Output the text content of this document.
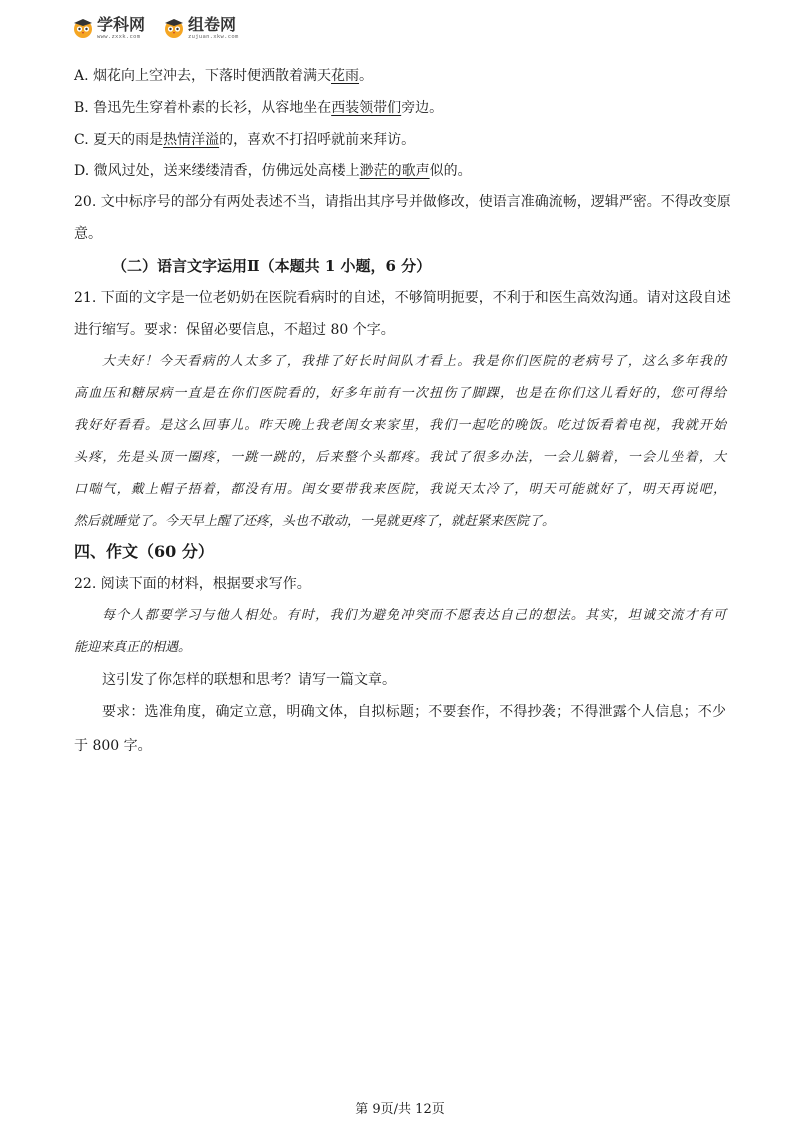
学科网
www.zxxk.com
组卷网
zujuan.xkw.com
A. 烟花向上空冲去，下落时便洒散着满天花雨。
B. 鲁迅先生穿着朴素的长衫，从容地坐在西装领带们旁边。
C. 夏天的雨是热情洋溢的，喜欢不打招呼就前来拜访。
D. 微风过处，送来缕缕清香，仿佛远处高楼上渺茫的歌声似的。
20. 文中标序号的部分有两处表述不当，请指出其序号并做修改，使语言准确流畅，逻辑严密。不得改变原
意。
（二）语言文字运用Ⅱ（本题共 1 小题，6 分）
21. 下面的文字是一位老奶奶在医院看病时的自述，不够简明扼要，不利于和医生高效沟通。请对这段自述
进行缩写。要求：保留必要信息，不超过 80 个字。
大夫好！今天看病的人太多了，我排了好长时间队才看上。我是你们医院的老病号了，这么多年我的
高血压和糖尿病一直是在你们医院看的，好多年前有一次扭伤了脚踝，也是在你们这儿看好的，您可得给
我好好看看。是这么回事儿。昨天晚上我老闺女来家里，我们一起吃的晚饭。吃过饭看着电视，我就开始
头疼，先是头顶一圈疼，一跳一跳的，后来整个头都疼。我试了很多办法，一会儿躺着，一会儿坐着，大
口喘气，戴上帽子捂着，都没有用。闺女要带我来医院，我说天太冷了，明天可能就好了，明天再说吧，
然后就睡觉了。今天早上醒了还疼，头也不敢动，一晃就更疼了，就赶紧来医院了。
四、作文（60 分）
22. 阅读下面的材料，根据要求写作。
每个人都要学习与他人相处。有时，我们为避免冲突而不愿表达自己的想法。其实，坦诚交流才有可
能迎来真正的相遇。
这引发了你怎样的联想和思考？请写一篇文章。
要求：选准角度，确定立意，明确文体，自拟标题；不要套作，不得抄袭；不得泄露个人信息；不少
于 800 字。
第 9页/共 12页
